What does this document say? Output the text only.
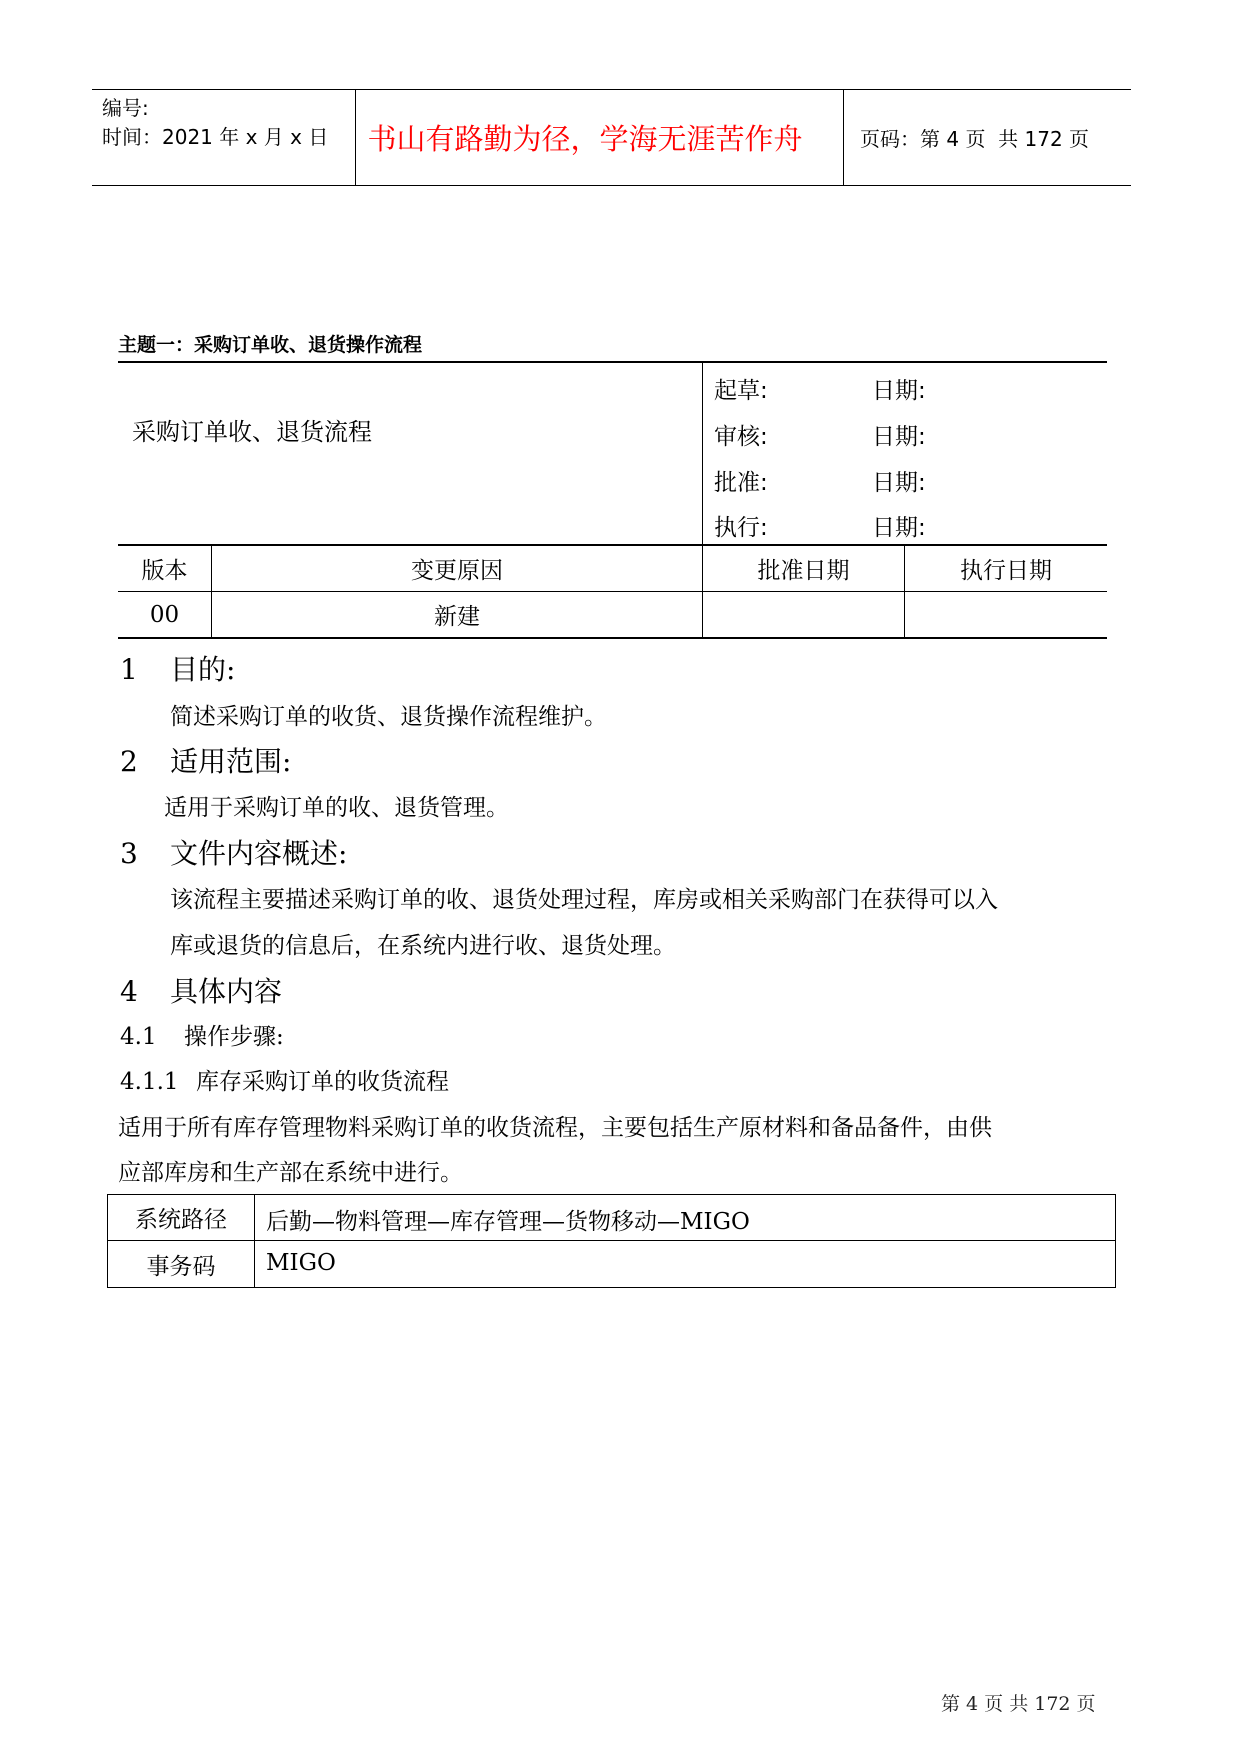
编号:
时间：2021 年 x 月 x 日	书山有路勤为径，学海无涯苦作舟	页码：第 4 页  共 172 页
主题一：采购订单收、退货操作流程
采购订单收、退货流程
起草:	日期:
审核:	日期:
批准:	日期:
执行:	日期:
版本	变更原因	批准日期	执行日期
00	新建
1 目的:
简述采购订单的收货、退货操作流程维护。
2 适用范围:
适用于采购订单的收、退货管理。
3 文件内容概述:
该流程主要描述采购订单的收、退货处理过程，库房或相关采购部门在获得可以入
库或退货的信息后，在系统内进行收、退货处理。
4 具体内容
4.1 操作步骤:
4.1.1 库存采购订单的收货流程
适用于所有库存管理物料采购订单的收货流程，主要包括生产原材料和备品备件，由供
应部库房和生产部在系统中进行。
系统路径	后勤—物料管理—库存管理—货物移动—MIGO
事务码	MIGO
第 4 页 共 172 页
